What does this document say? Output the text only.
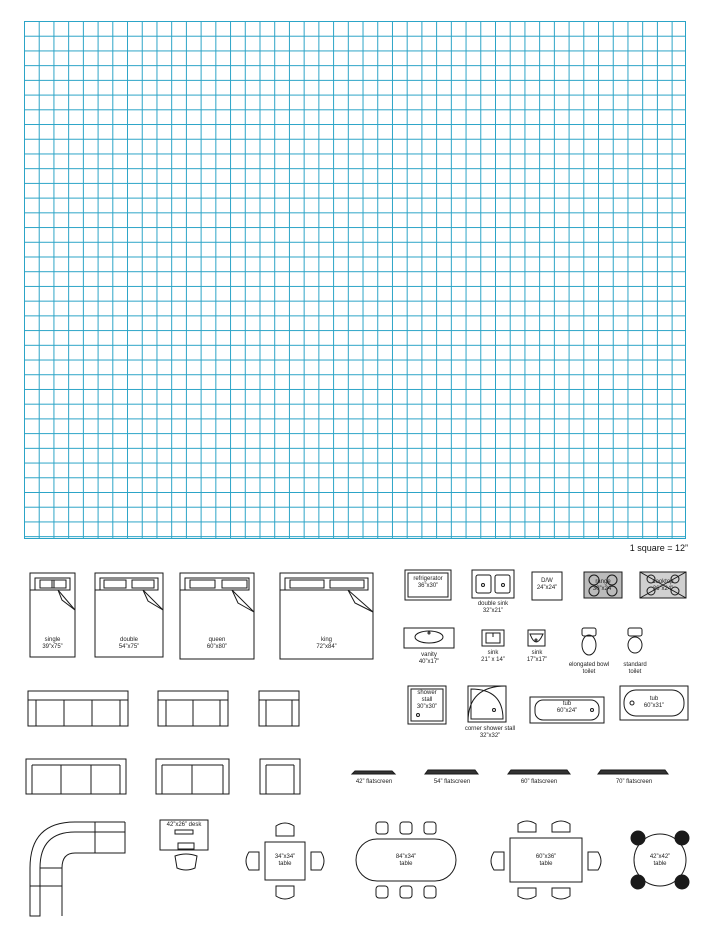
1 square = 12”
single
39”x75”
double
54”x75”
queen
60”x80”
king
72”x84”
refrigerator
36”x30”
double sink
32”x21”
D/W
24”x24”
range
30”x24”
cooktop
36”x24”
vanity
40”x17”
sink
21” x 14”
sink
17”x17”
elongated bowl
toilet
standard
toilet
shower
stall
30”x30”
corner shower stall
32”x32”
tub
60”x24”
tub
60”x31”
42” flatscreen	54” flatscreen	60” flatscreen	70” flatscreen
42”x26” desk
34”x34”
table
84”x34”
table
60”x36”
table
42”x42”
table
